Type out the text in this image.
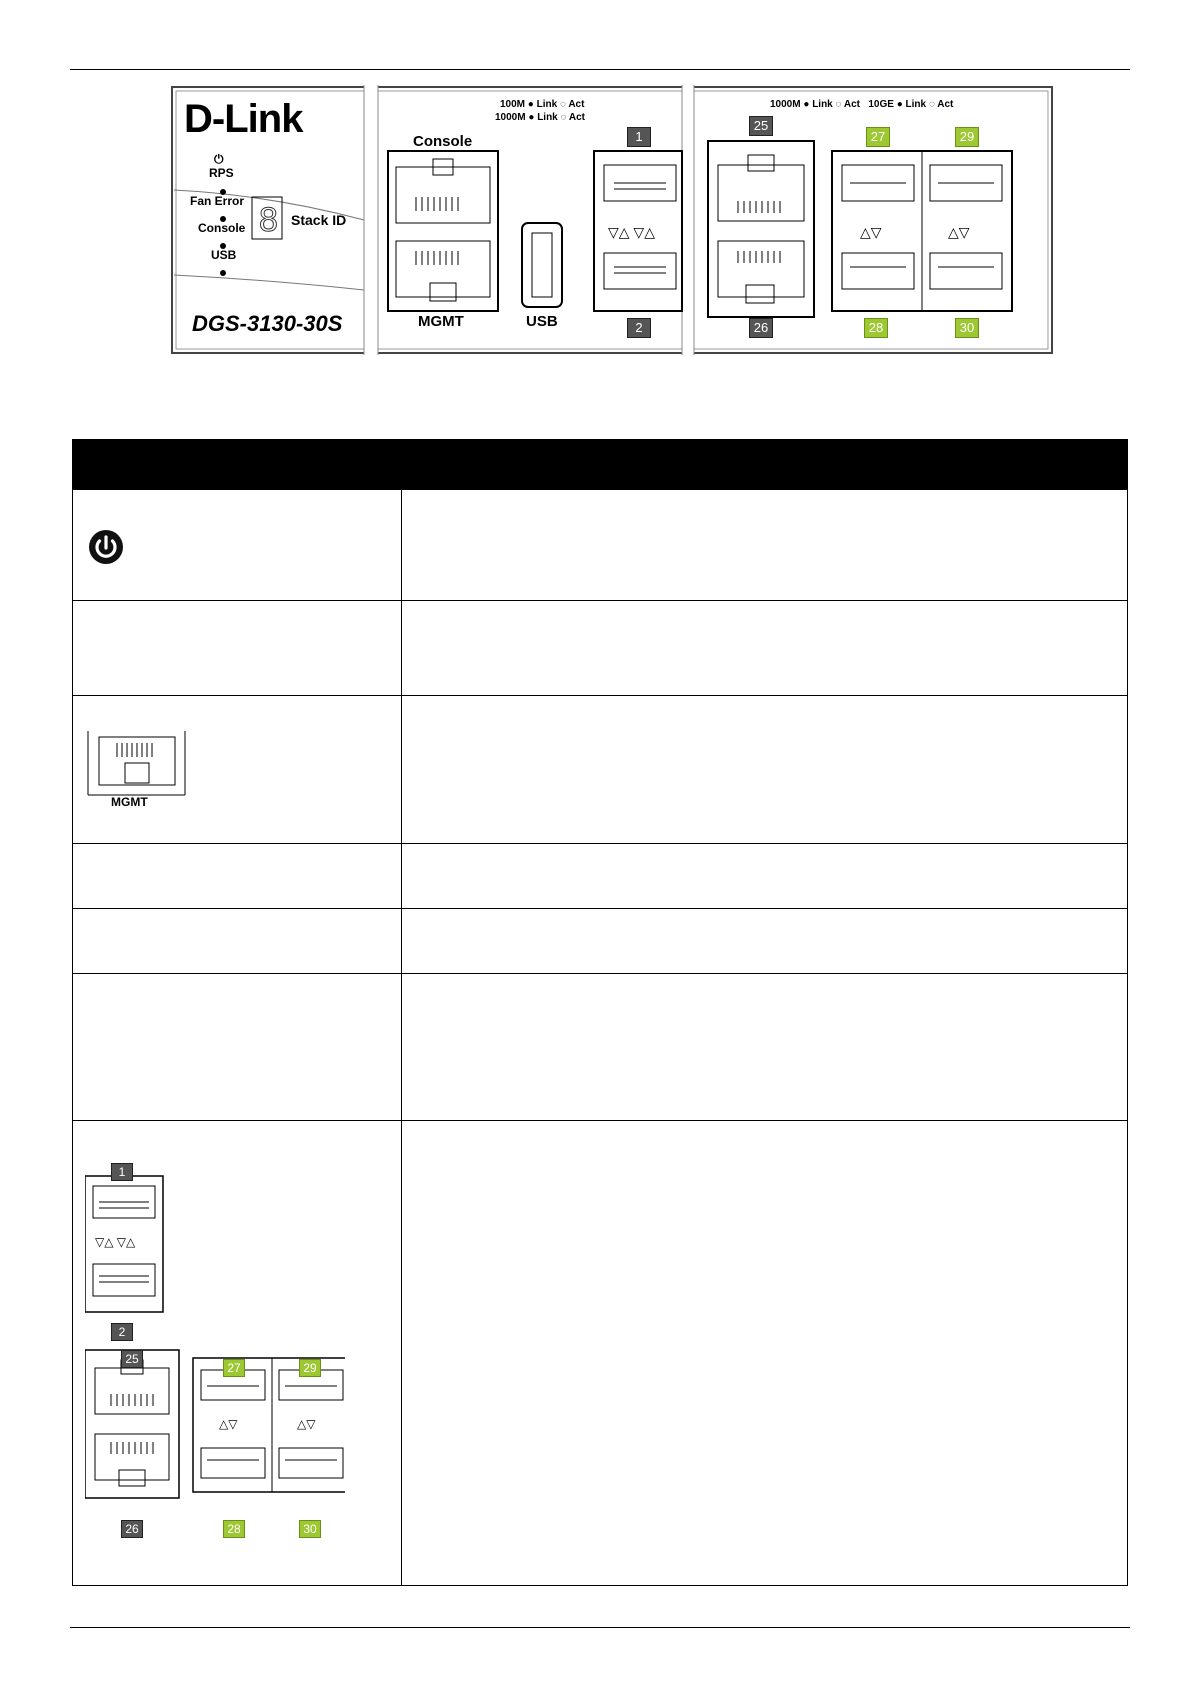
8	▽△ ▽△	△▽	△▽
D-Link
DGS-3130-30S
⏻
RPS
Fan Error
Console
USB
Stack ID
Console
MGMT	USB
100M ● Link ◌ Act
1000M ● Link ◌ Act
1000M ● Link ◌ Act 10GE ● Link ◌ Act
1
2
25
26
27
28
29
30
MGMT
▽△ ▽△
△▽	△▽
1
2
25
26
27
28
29
30
